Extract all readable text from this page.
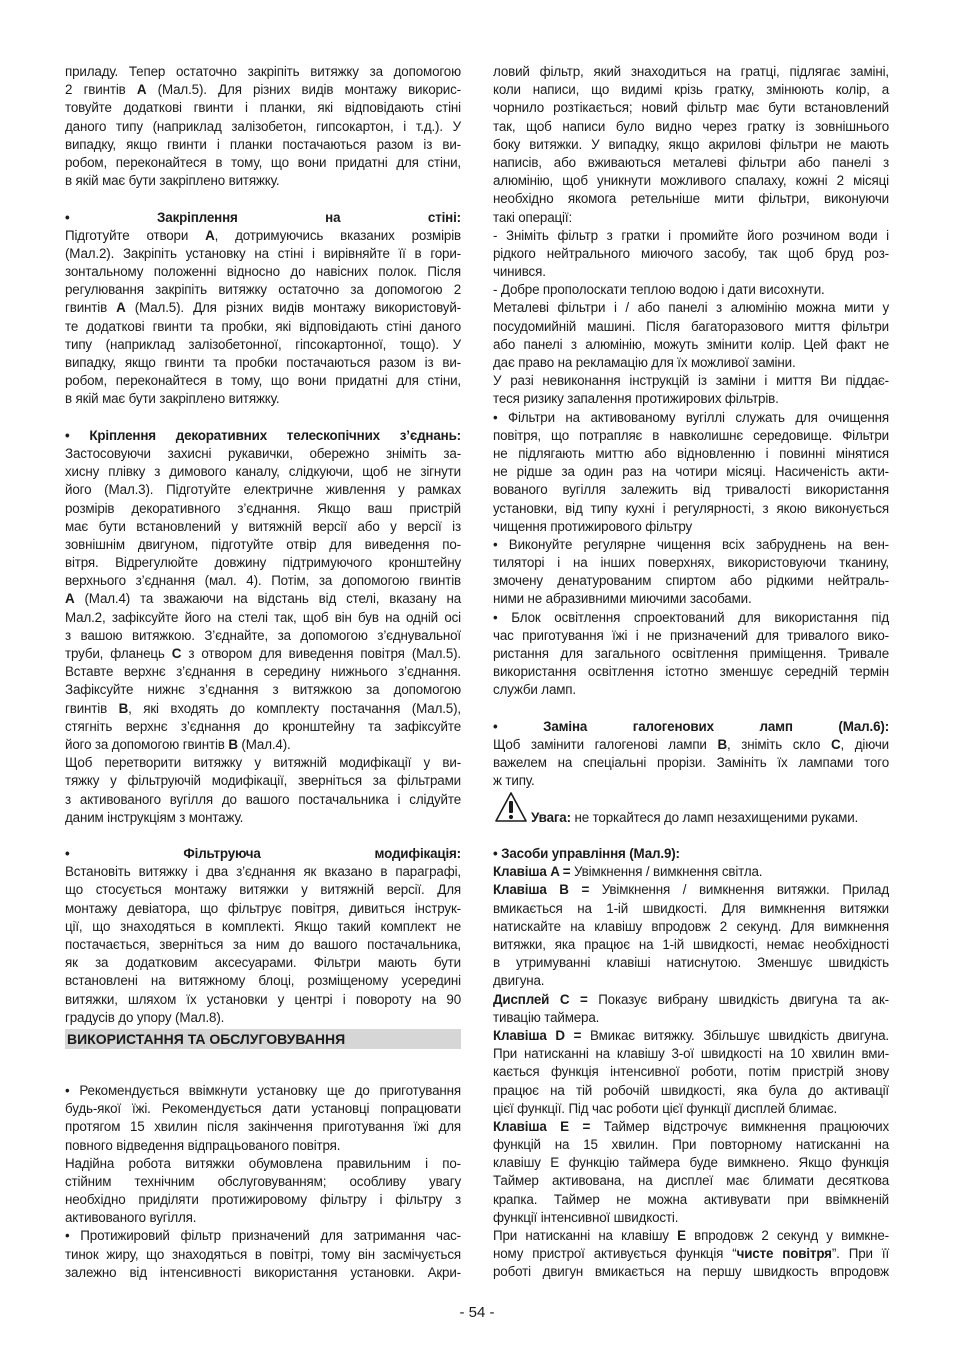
приладу. Тепер остаточно закріпіть витяжку за допомогою
2 гвинтів A (Мал.5). Для різних видів монтажу викорис-
товуйте додаткові гвинти і планки, які відповідають стіні
даного типу (наприклад залізобетон, гипсокартон, і т.д.). У
випадку, якщо гвинти і планки постачаються разом із ви-
робом, переконайтеся в тому, що вони придатні для стіни,
в якій має бути закріплено витяжку.
• Закріплення на стіні:
Підготуйте отвори A, дотримуючись вказаних розмірів
(Мал.2). Закріпіть установку на стіні і вирівняйте її в гори-
зонтальному положенні відносно до навісних полок. Після
регулювання закріпіть витяжку остаточно за допомогою 2
гвинтів A (Мал.5). Для різних видів монтажу використовуй-
те додаткові гвинти та пробки, які відповідають стіні даного
типу (наприклад залізобетонної, гіпсокартонної, тощо). У
випадку, якщо гвинти та пробки постачаються разом із ви-
робом, переконайтеся в тому, що вони придатні для стіни,
в якій має бути закріплено витяжку.
• Кріплення декоративних телескопічних з’єднань:
Застосовуючи захисні рукавички, обережно зніміть за-
хисну плівку з димового каналу, слідкуючи, щоб не зігнути
його (Мал.3). Підготуйте електричне живлення у рамках
розмірів декоративного з’єднання. Якщо ваш пристрій
має бути встановлений у витяжній версії або у версії із
зовнішнім двигуном, підготуйте отвір для виведення по-
вітря. Відрегулюйте довжину підтримуючого кронштейну
верхнього з’єднання (мал. 4). Потім, за допомогою гвинтів
A (Мал.4) та зважаючи на відстань від стелі, вказану на
Мал.2, зафіксуйте його на стелі так, щоб він був на одній осі
з вашою витяжкою. З’єднайте, за допомогою з’єднувальної
труби, фланець C з отвором для виведення повітря (Мал.5).
Вставте верхнє з’єднання в середину нижнього з’єднання.
Зафіксуйте нижнє з’єднання з витяжкою за допомогою
гвинтів B, які входять до комплекту постачання (Мал.5),
стягніть верхнє з’єднання до кронштейну та зафіксуйте
його за допомогою гвинтів B (Мал.4).
Щоб перетворити витяжку у витяжній модифікації у ви-
тяжку у фільтруючій модифікації, зверніться за фільтрами
з активованого вугілля до вашого постачальника і слідуйте
даним інструкціям з монтажу.
• Фільтруюча модифікація:
Встановіть витяжку і два з’єднання як вказано в параграфі,
що стосується монтажу витяжки у витяжній версії. Для
монтажу девіатора, що фільтрує повітря, дивиться інструк-
ції, що знаходяться в комплекті. Якщо такий комплект не
постачається, зверніться за ним до вашого постачальника,
як за додатковим аксесуарами. Фільтри мають бути
встановлені на витяжному блоці, розміщеному усередині
витяжки, шляхом їх установки у центрі і повороту на 90
градусів до упору (Мал.8).
ВИКОРИСТАННЯ ТА ОБСЛУГОВУВАННЯ
• Рекомендується ввімкнути установку ще до приготування
будь-якої їжі. Рекомендується дати установці попрацювати
протягом 15 хвилин після закінчення приготування їжі для
повного відведення відпрацьованого повітря.
Надійна робота витяжки обумовлена правильним і по-
стійним технічним обслуговуванням; особливу увагу
необхідно приділяти протижировому фільтру і фільтру з
активованого вугілля.
• Протижировий фільтр призначений для затримання час-
тинок жиру, що знаходяться в повітрі, тому він засмічується
залежно від інтенсивності використання установки. Акри-
ловий фільтр, який знаходиться на гратці, підлягає заміні,
коли написи, що видимі крізь гратку, змінюють колір, а
чорнило розтікається; новий фільтр має бути встановлений
так, щоб написи було видно через гратку із зовнішнього
боку витяжки. У випадку, якщо акрилові фільтри не мають
написів, або вживаються металеві фільтри або панелі з
алюмінію, щоб уникнути можливого спалаху, кожні 2 місяці
необхідно якомога ретельніше мити фільтри, виконуючи
такі операції:
- Зніміть фільтр з гратки і промийте його розчином води і
рідкого нейтрального миючого засобу, так щоб бруд роз-
чинився.
- Добре прополоскати теплою водою і дати висохнути.
Металеві фільтри і / або панелі з алюмінію можна мити у
посудомийній машині. Після багаторазового миття фільтри
або панелі з алюмінію, можуть змінити колір. Цей факт не
дає право на рекламацію для їх можливої заміни.
У разі невиконання інструкцій із заміни і миття Ви піддає-
теся ризику запалення протижирових фільтрів.
• Фільтри на активованому вугіллі служать для очищення
повітря, що потрапляє в навколишнє середовище. Фільтри
не підлягають миттю або відновленню і повинні мінятися
не рідше за один раз на чотири місяці. Насиченість акти-
вованого вугілля залежить від тривалості використання
установки, від типу кухні і регулярності, з якою виконується
чищення протижирового фільтру
• Виконуйте регулярне чищення всіх забруднень на вен-
тиляторі і на інших поверхнях, використовуючи тканину,
змочену денатурованим спиртом або рідкими нейтраль-
ними не абразивними миючими засобами.
• Блок освітлення спроектований для використання під
час приготування їжі і не призначений для тривалого вико-
ристання для загального освітлення приміщення. Тривале
використання освітлення істотно зменшує середній термін
служби ламп.
• Заміна галогенових ламп (Мал.6):
Щоб замінити галогенові лампи B, зніміть скло C, діючи
важелем на спеціальні прорізи. Замініть їх лампами того
ж типу.
Увага: не торкайтеся до ламп незахищеними руками.
• Засоби управління (Мал.9):
Клавіша A = Увімкнення / вимкнення світла.
Клавіша B = Увімкнення / вимкнення витяжки. Прилад
вмикається на 1-ій швидкості. Для вимкнення витяжки
натискайте на клавішу впродовж 2 секунд. Для вимкнення
витяжки, яка працює на 1-ій швидкості, немає необхідності
в утримуванні клавіші натиснутою. Зменшує швидкість
двигуна.
Дисплей C = Показує вибрану швидкість двигуна та ак-
тивацію таймера.
Клавіша D = Вмикає витяжку. Збільшує швидкість двигуна.
При натисканні на клавішу 3-ої швидкості на 10 хвилин вми-
кається функція інтенсивної роботи, потім пристрій знову
працює на тій робочій швидкості, яка була до активації
цієї функції. Під час роботи цієї функції дисплей блимає.
Клавіша E = Таймер відстрочує вимкнення працюючих
функцій на 15 хвилин. При повторному натисканні на
клавішу E функцію таймера буде вимкнено. Якщо функція
Таймер активована, на дисплеї має блимати десяткова
крапка. Таймер не можна активувати при ввімкненій
функції інтенсивної швидкості.
При натисканні на клавішу E впродовж 2 секунд у вимкне-
ному пристрої активується функція “чисте повітря”. При її
роботі двигун вмикається на першу швидкость впродовж
- 54 -
